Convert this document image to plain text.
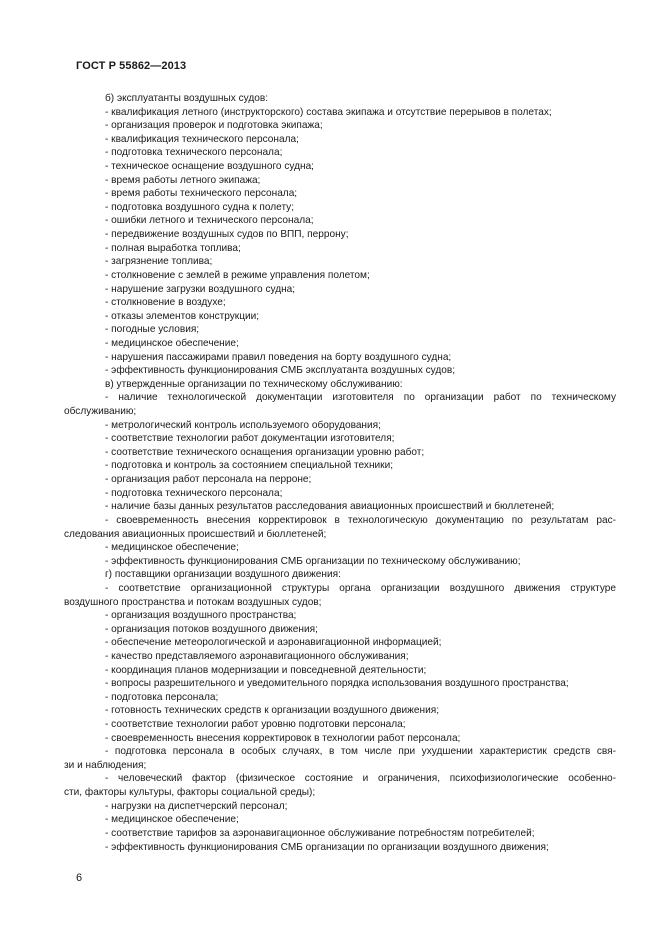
ГОСТ Р 55862—2013
б) эксплуатанты воздушных судов:
- квалификация летного (инструкторского) состава экипажа и отсутствие перерывов в полетах;
- организация проверок и подготовка экипажа;
- квалификация технического персонала;
- подготовка технического персонала;
- техническое оснащение воздушного судна;
- время работы летного экипажа;
- время работы технического персонала;
- подготовка воздушного судна к полету;
- ошибки летного и технического персонала;
- передвижение воздушных судов по ВПП, перрону;
- полная выработка топлива;
- загрязнение топлива;
- столкновение с землей в режиме управления полетом;
- нарушение загрузки воздушного судна;
- столкновение в воздухе;
- отказы элементов конструкции;
- погодные условия;
- медицинское обеспечение;
- нарушения пассажирами правил поведения на борту воздушного судна;
- эффективность функционирования СМБ эксплуатанта воздушных судов;
в) утвержденные организации по техническому обслуживанию:
- наличие технологической документации изготовителя по организации работ по техническому
обслуживанию;
- метрологический контроль используемого оборудования;
- соответствие технологии работ документации изготовителя;
- соответствие технического оснащения организации уровню работ;
- подготовка и контроль за состоянием специальной техники;
- организация работ персонала на перроне;
- подготовка технического персонала;
- наличие базы данных результатов расследования авиационных происшествий и бюллетеней;
- своевременность внесения корректировок в технологическую документацию по результатам рас-
следования авиационных происшествий и бюллетеней;
- медицинское обеспечение;
- эффективность функционирования СМБ организации по техническому обслуживанию;
г) поставщики организации воздушного движения:
- соответствие организационной структуры органа организации воздушного движения структуре
воздушного пространства и потокам воздушных судов;
- организация воздушного пространства;
- организация потоков воздушного движения;
- обеспечение метеорологической и аэронавигационной информацией;
- качество представляемого аэронавигационного обслуживания;
- координация планов модернизации и повседневной деятельности;
- вопросы разрешительного и уведомительного порядка использования воздушного пространства;
- подготовка персонала;
- готовность технических средств к организации воздушного движения;
- соответствие технологии работ уровню подготовки персонала;
- своевременность внесения корректировок в технологии работ персонала;
- подготовка персонала в особых случаях, в том числе при ухудшении характеристик средств свя-
зи и наблюдения;
- человеческий фактор (физическое состояние и ограничения, психофизиологические особенно-
сти, факторы культуры, факторы социальной среды);
- нагрузки на диспетчерский персонал;
- медицинское обеспечение;
- соответствие тарифов за аэронавигационное обслуживание потребностям потребителей;
- эффективность функционирования СМБ организации по организации воздушного движения;
6
